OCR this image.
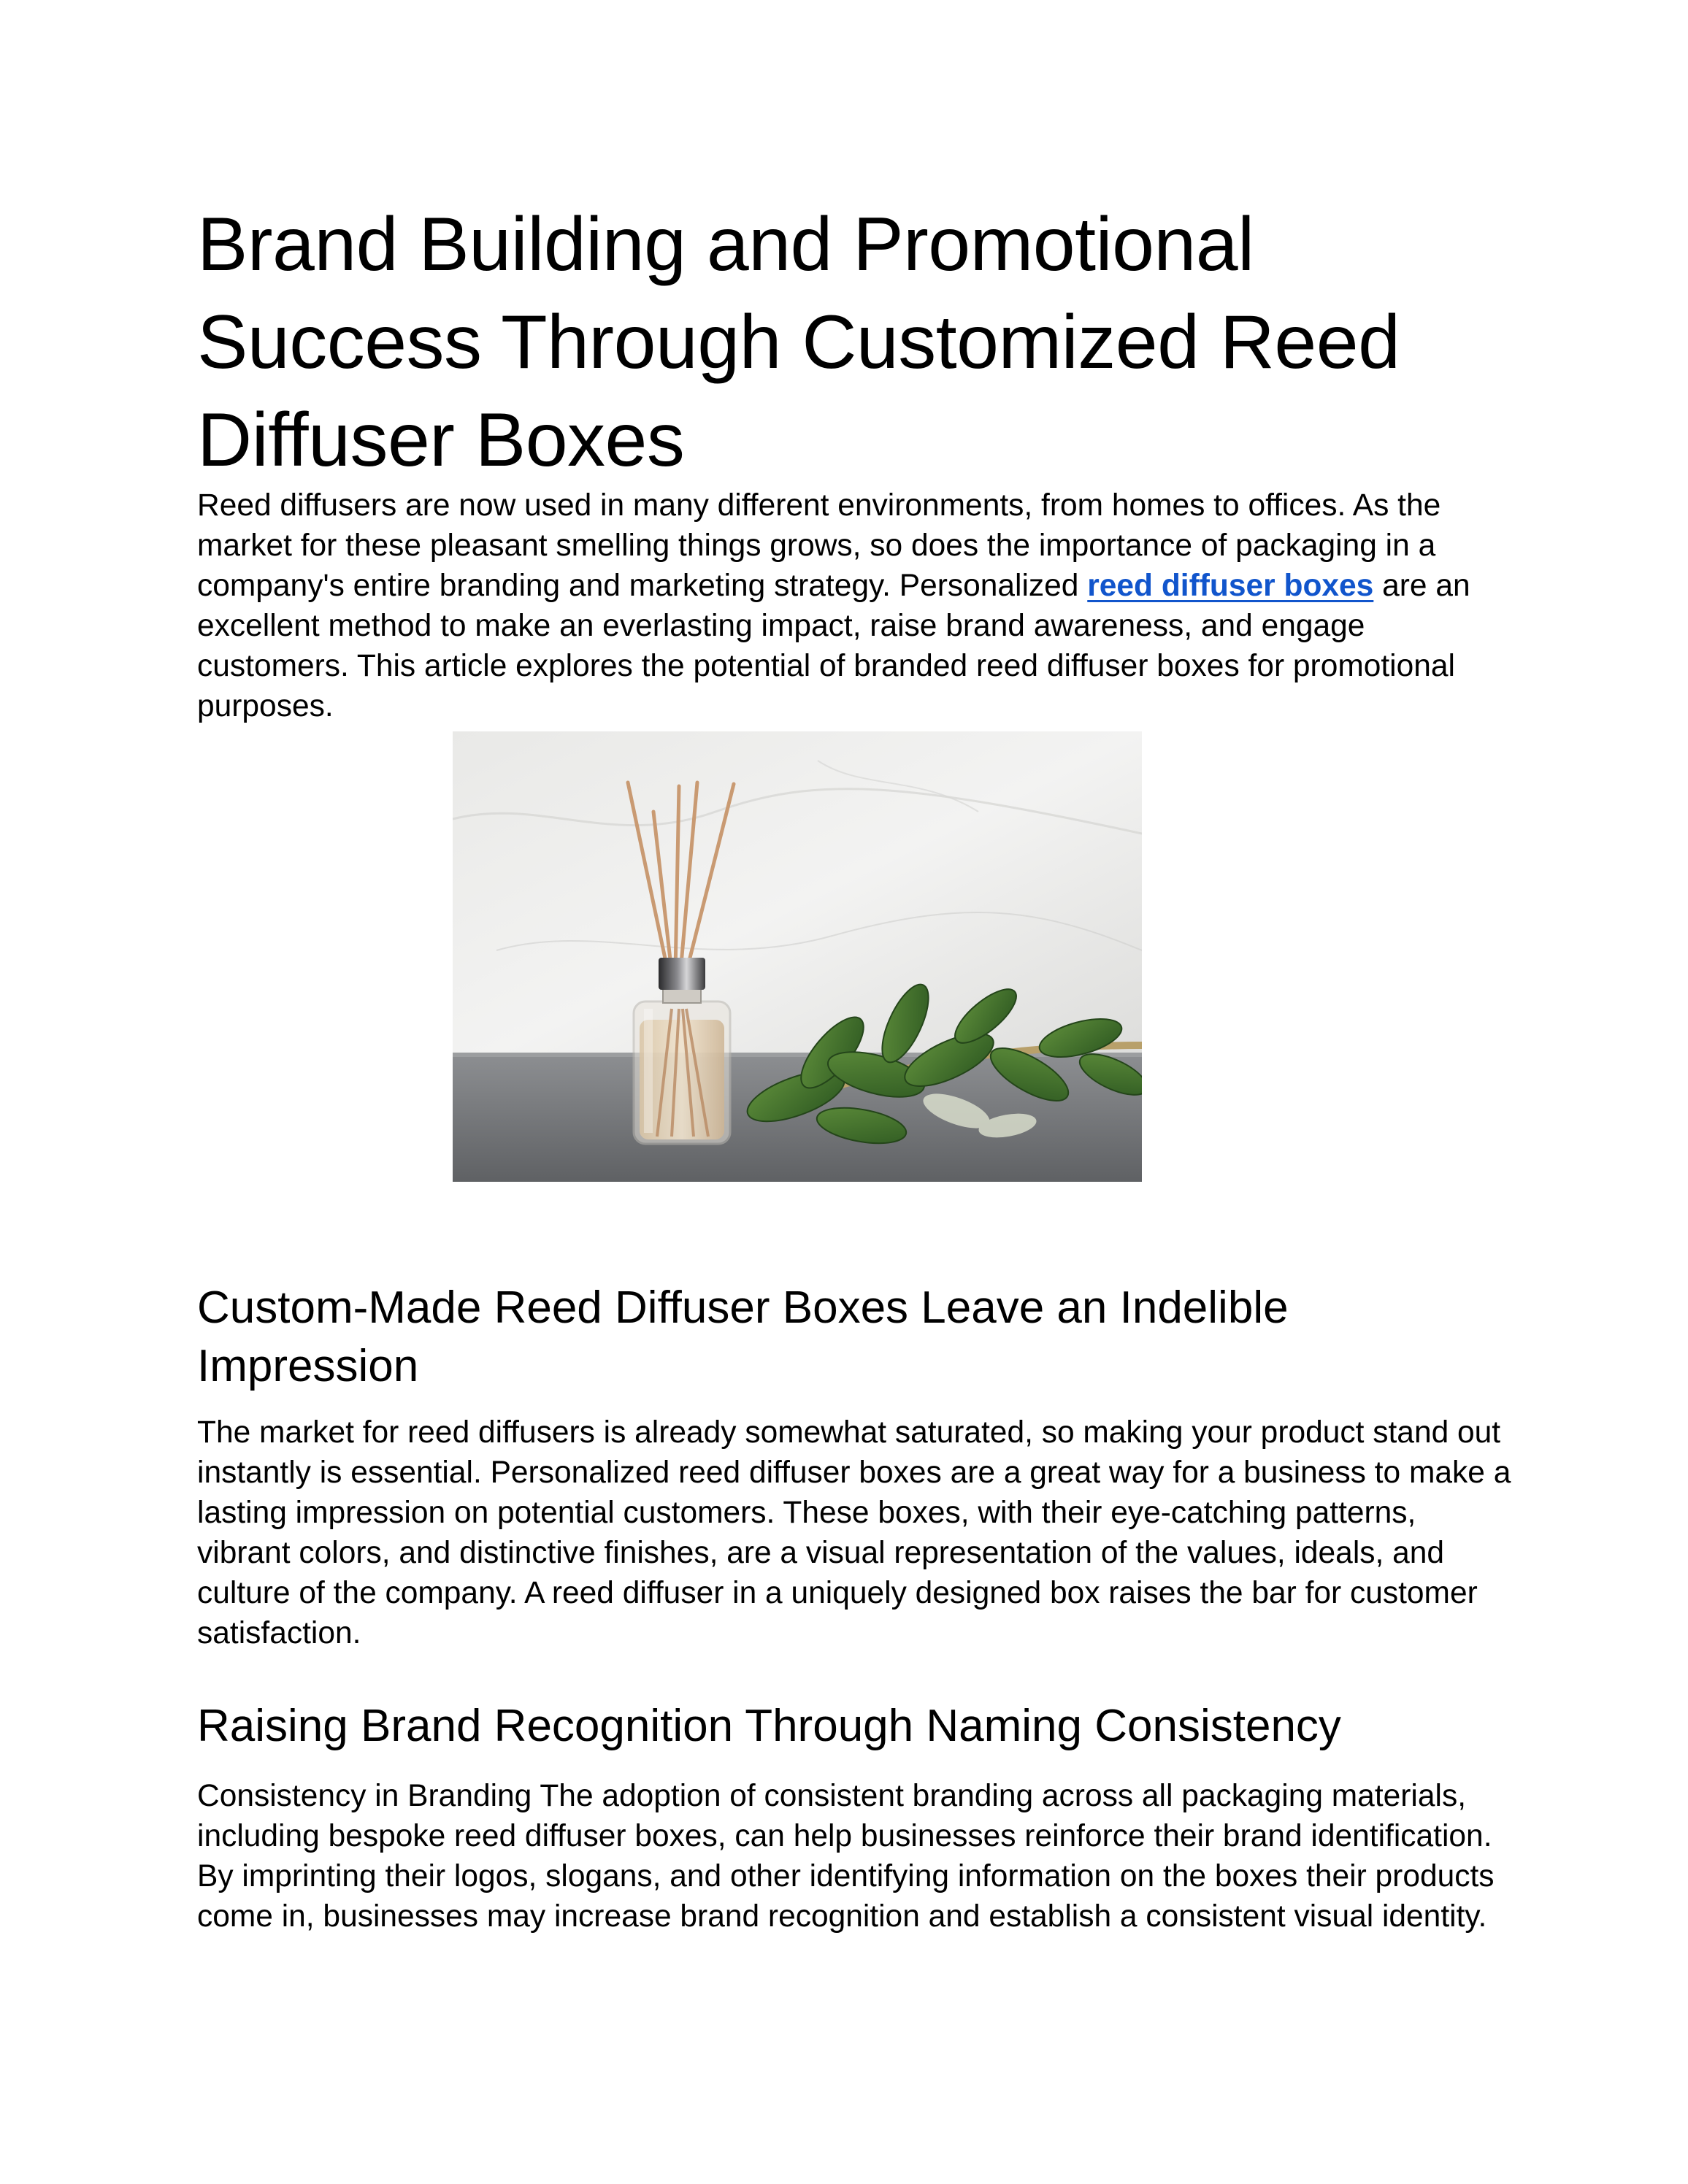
Brand Building and Promotional
Success Through Customized Reed
Diffuser Boxes

Reed diffusers are now used in many different environments, from homes to offices. As the market for these pleasant smelling things grows, so does the importance of packaging in a company's entire branding and marketing strategy. Personalized reed diffuser boxes are an excellent method to make an everlasting impact, raise brand awareness, and engage customers. This article explores the potential of branded reed diffuser boxes for promotional purposes.

Custom-Made Reed Diffuser Boxes Leave an Indelible
Impression

The market for reed diffusers is already somewhat saturated, so making your product stand out instantly is essential. Personalized reed diffuser boxes are a great way for a business to make a lasting impression on potential customers. These boxes, with their eye-catching patterns, vibrant colors, and distinctive finishes, are a visual representation of the values, ideals, and culture of the company. A reed diffuser in a uniquely designed box raises the bar for customer satisfaction.

Raising Brand Recognition Through Naming Consistency

Consistency in Branding The adoption of consistent branding across all packaging materials, including bespoke reed diffuser boxes, can help businesses reinforce their brand identification. By imprinting their logos, slogans, and other identifying information on the boxes their products come in, businesses may increase brand recognition and establish a consistent visual identity.
